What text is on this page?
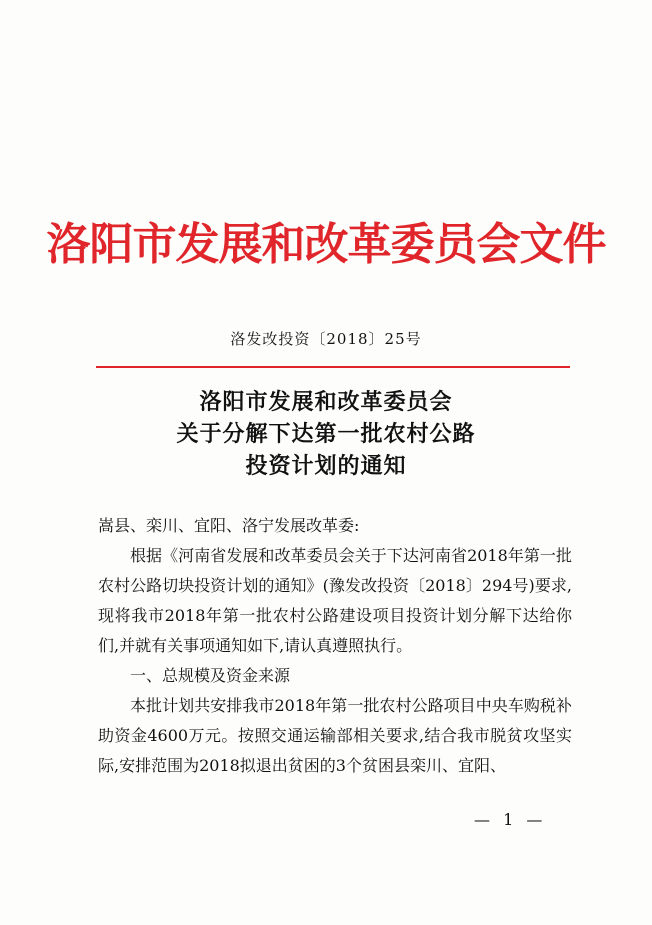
洛阳市发展和改革委员会文件
洛发改投资〔2018〕25号
洛阳市发展和改革委员会
关于分解下达第一批农村公路
投资计划的通知

嵩县、栾川、宜阳、洛宁发展改革委:

根据《河南省发展和改革委员会关于下达河南省2018年第一批农村公路切块投资计划的通知》(豫发改投资〔2018〕294号)要求,现将我市2018年第一批农村公路建设项目投资计划分解下达给你们,并就有关事项通知如下,请认真遵照执行。

一、总规模及资金来源

本批计划共安排我市2018年第一批农村公路项目中央车购税补助资金4600万元。按照交通运输部相关要求,结合我市脱贫攻坚实际,安排范围为2018拟退出贫困的3个贫困县栾川、宜阳、

— 1 —
